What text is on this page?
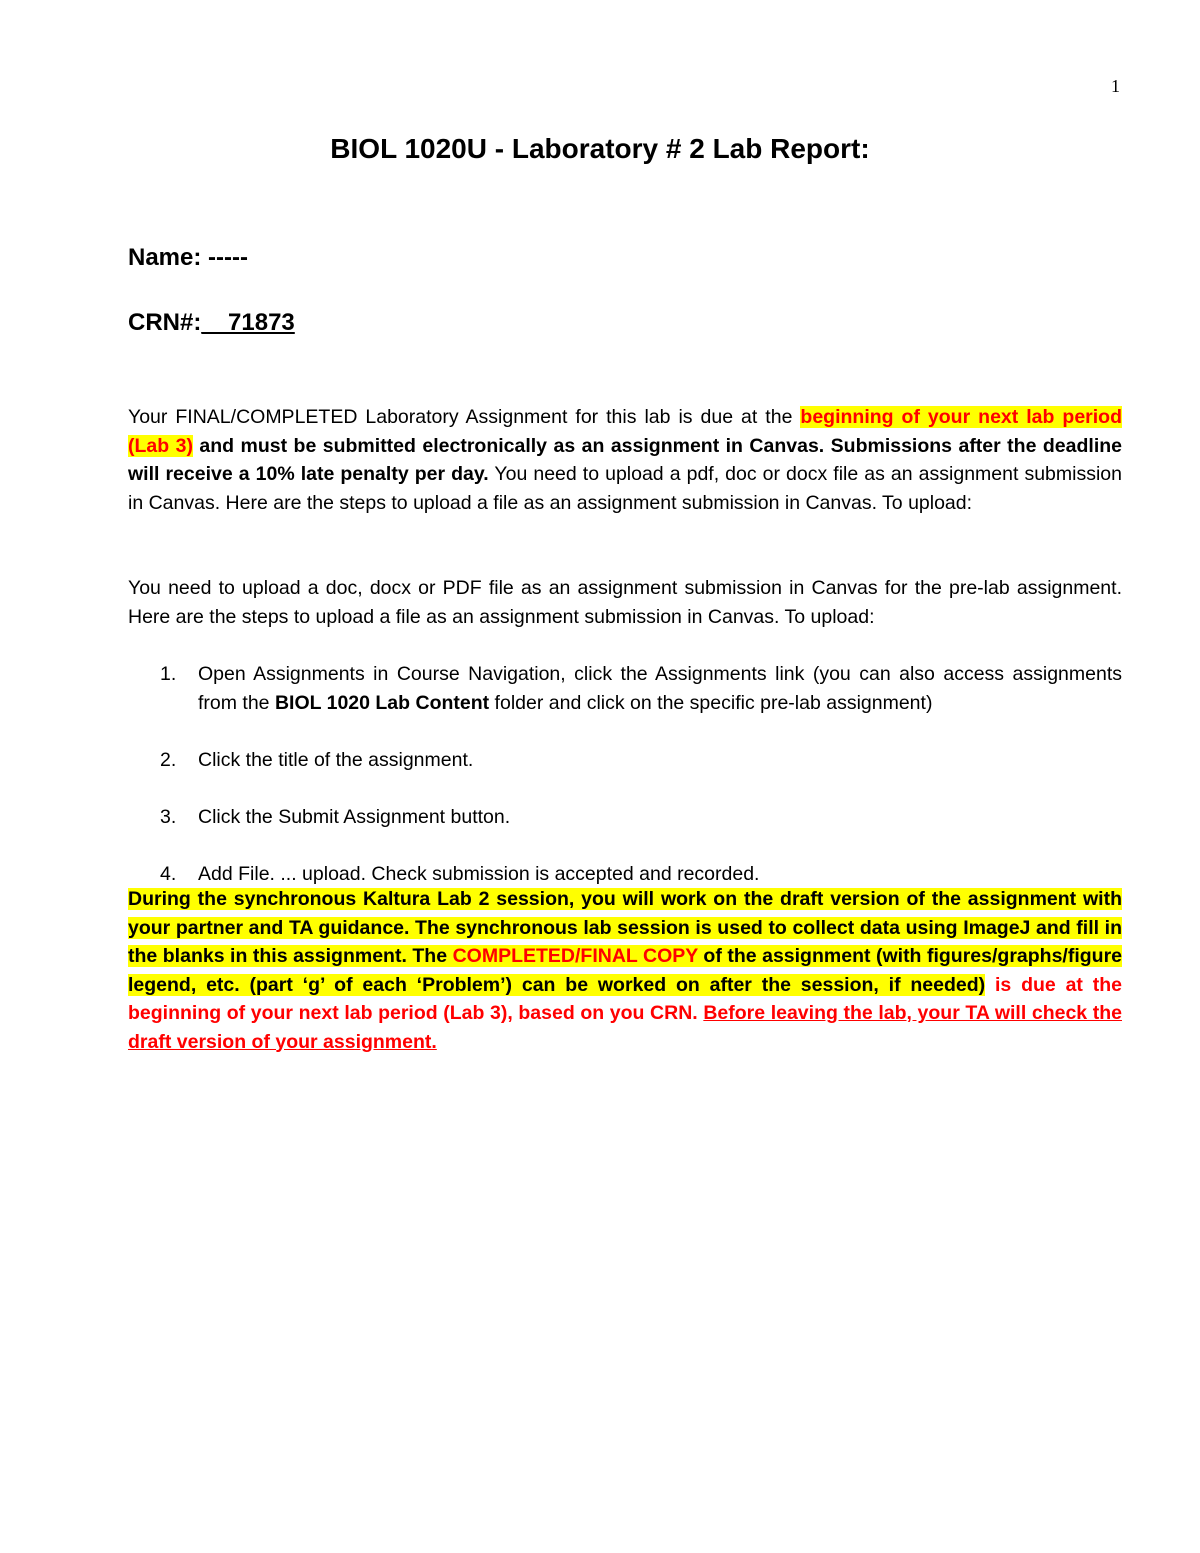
1
BIOL 1020U - Laboratory # 2 Lab Report:
Name: -----
CRN#:__71873
Your FINAL/COMPLETED Laboratory Assignment for this lab is due at the beginning of your next lab period (Lab 3) and must be submitted electronically as an assignment in Canvas. Submissions after the deadline will receive a 10% late penalty per day. You need to upload a pdf, doc or docx file as an assignment submission in Canvas. Here are the steps to upload a file as an assignment submission in Canvas. To upload:
You need to upload a doc, docx or PDF file as an assignment submission in Canvas for the pre-lab assignment. Here are the steps to upload a file as an assignment submission in Canvas. To upload:
1.	Open Assignments in Course Navigation, click the Assignments link (you can also access assignments from the BIOL 1020 Lab Content folder and click on the specific pre-lab assignment)
2.	Click the title of the assignment.
3.	Click the Submit Assignment button.
4.	Add File. ... upload. Check submission is accepted and recorded.
During the synchronous Kaltura Lab 2 session, you will work on the draft version of the assignment with your partner and TA guidance. The synchronous lab session is used to collect data using ImageJ and fill in the blanks in this assignment. The COMPLETED/FINAL COPY of the assignment (with figures/graphs/figure legend, etc. (part ‘g’ of each ‘Problem’) can be worked on after the session, if needed) is due at the beginning of your next lab period (Lab 3), based on you CRN. Before leaving the lab, your TA will check the draft version of your assignment.
